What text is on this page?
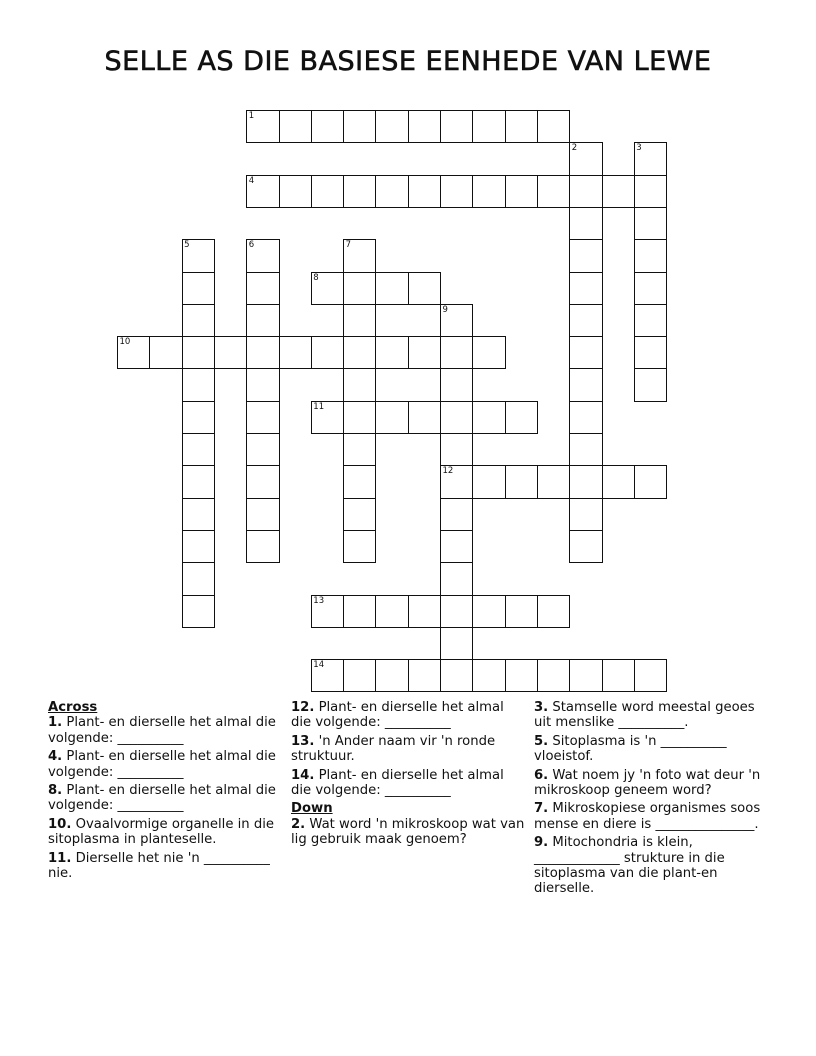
SELLE AS DIE BASIESE EENHEDE VAN LEWE
1
2	3
4
5	6	7
8
9
10
11
12
13
14
Across
1. Plant- en dierselle het almal die volgende: __________
4. Plant- en dierselle het almal die volgende: __________
8. Plant- en dierselle het almal die volgende: __________
10. Ovaalvormige organelle in die sitoplasma in planteselle.
11. Dierselle het nie 'n __________ nie.
12. Plant- en dierselle het almal die volgende: __________
13. 'n Ander naam vir 'n ronde struktuur.
14. Plant- en dierselle het almal die volgende: __________
Down
2. Wat word 'n mikroskoop wat van lig gebruik maak genoem?
3. Stamselle word meestal geoes uit menslike __________.
5. Sitoplasma is 'n __________ vloeistof.
6. Wat noem jy 'n foto wat deur 'n mikroskoop geneem word?
7. Mikroskopiese organismes soos mense en diere is _______________.
9. Mitochondria is klein, _____________ strukture in die sitoplasma van die plant-en dierselle.
